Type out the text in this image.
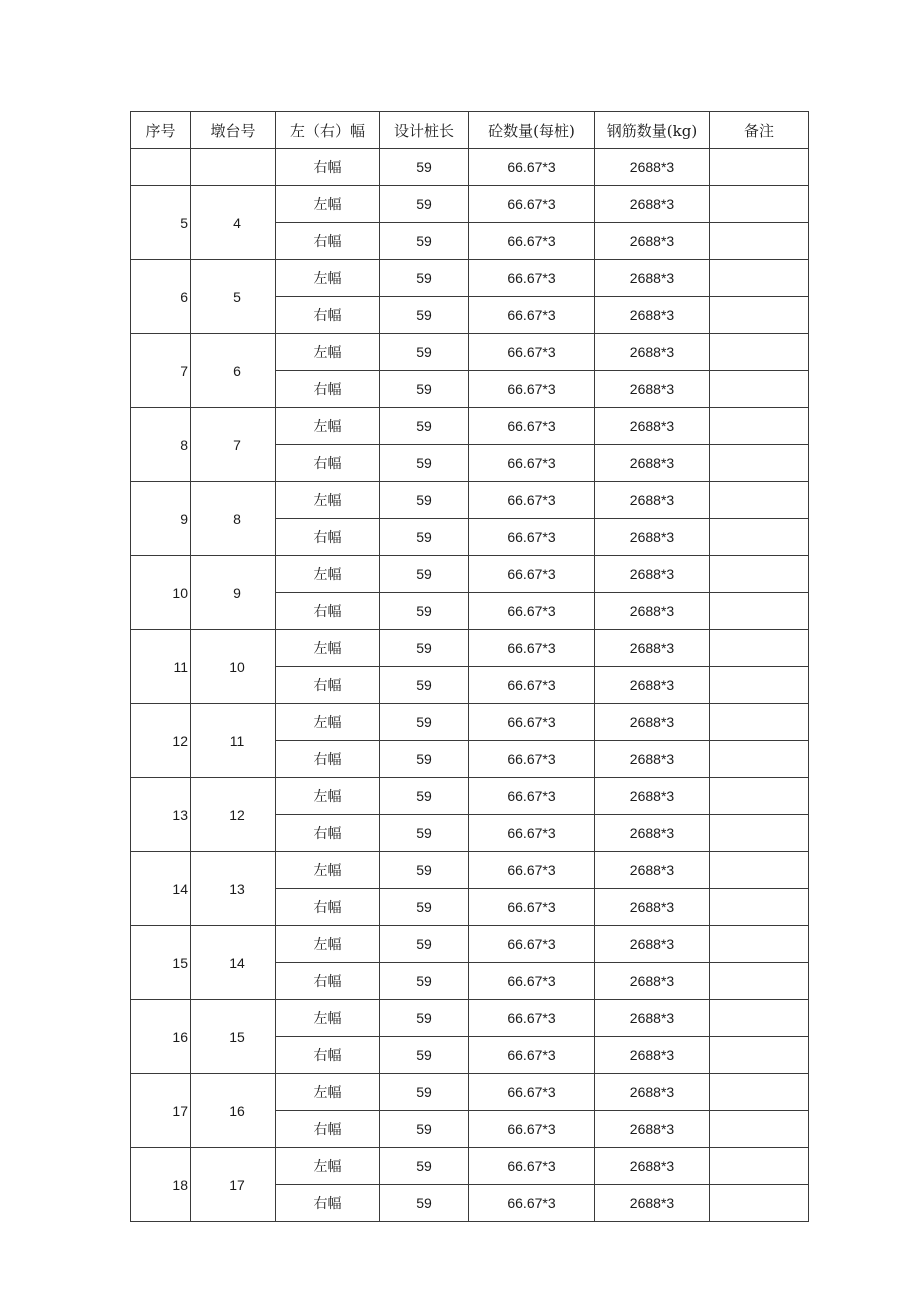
序号	墩台号	左（右）幅	设计桩长	砼数量(每桩)	钢筋数量(kg)	备注
		右幅	59	66.67*3	2688*3	
5	4	左幅	59	66.67*3	2688*3	
		右幅	59	66.67*3	2688*3	
6	5	左幅	59	66.67*3	2688*3	
		右幅	59	66.67*3	2688*3	
7	6	左幅	59	66.67*3	2688*3	
		右幅	59	66.67*3	2688*3	
8	7	左幅	59	66.67*3	2688*3	
		右幅	59	66.67*3	2688*3	
9	8	左幅	59	66.67*3	2688*3	
		右幅	59	66.67*3	2688*3	
10	9	左幅	59	66.67*3	2688*3	
		右幅	59	66.67*3	2688*3	
11	10	左幅	59	66.67*3	2688*3	
		右幅	59	66.67*3	2688*3	
12	11	左幅	59	66.67*3	2688*3	
		右幅	59	66.67*3	2688*3	
13	12	左幅	59	66.67*3	2688*3	
		右幅	59	66.67*3	2688*3	
14	13	左幅	59	66.67*3	2688*3	
		右幅	59	66.67*3	2688*3	
15	14	左幅	59	66.67*3	2688*3	
		右幅	59	66.67*3	2688*3	
16	15	左幅	59	66.67*3	2688*3	
		右幅	59	66.67*3	2688*3	
17	16	左幅	59	66.67*3	2688*3	
		右幅	59	66.67*3	2688*3	
18	17	左幅	59	66.67*3	2688*3	
		右幅	59	66.67*3	2688*3	
